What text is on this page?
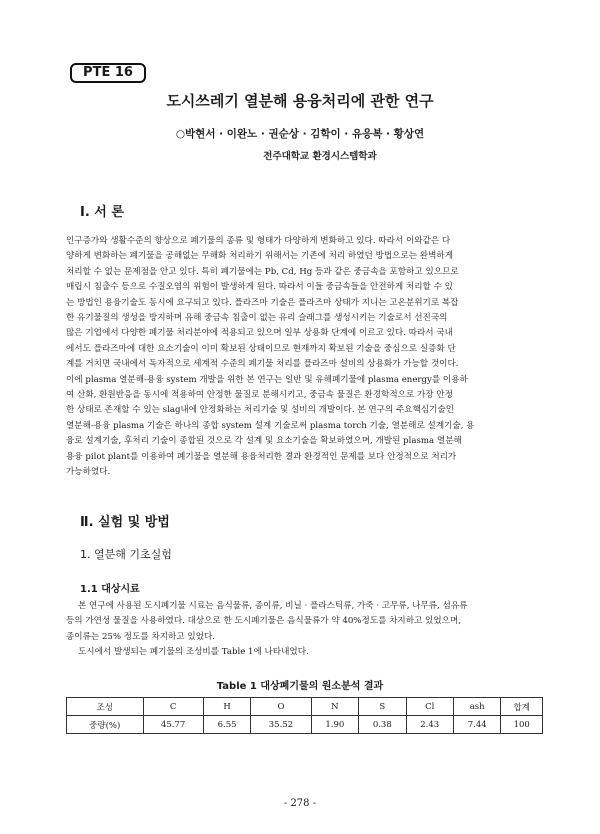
PTE 16
도시쓰레기 열분해 용융처리에 관한 연구
○박현서 · 이완노 · 권순상 · 김학이 · 유응복 · 황상연
전주대학교 환경시스템학과
Ⅰ. 서 론
인구증가와 생활수준의 향상으로 폐기물의 종류 및 형태가 다양하게 변화하고 있다. 따라서 이와같은 다
양하게 변화하는 폐기물을 공해없는 무해화 처리하기 위해서는 기존에 처리 하였던 방법으로는 완벽하게
처리할 수 없는 문제점을 안고 있다. 특히 폐기물에는 Pb, Cd, Hg 등과 같은 중금속을 포함하고 있으므로
매립시 침출수 등으로 수질오염의 위험이 발생하게 된다. 따라서 이들 중금속들을 안전하게 처리할 수 있
는 방법인 용융기술도 동시에 요구되고 있다. 플라즈마 기술은 플라즈마 상태가 지니는 고온분위기로 복잡
한 유기물질의 생성을 방지하며 유해 중금속 침출이 없는 유리 슬래그를 생성시키는 기술로서 선진국의
많은 기업에서 다양한 폐기물 처리분야에 적용되고 있으며 일부 상용화 단계에 이르고 있다. 따라서 국내
에서도 플라즈마에 대한 요소기술이 이미 확보된 상태이므로 현재까지 확보된 기술을 중심으로 실증화 단
계를 거치면 국내에서 독자적으로 세계적 수준의 폐기물 처리를 플라즈마 설비의 상용화가 가능할 것이다.
이에 plasma 열분해-용융 system 개발을 위한 본 연구는 일반 및 유해폐기물에 plasma energy를 이용하
여 산화, 환원반응을 동시에 적용하여 안정한 물질로 분해시키고, 중금속 물질은 환경학적으로 가장 안정
한 상태로 존재할 수 있는 slag내에 안정화하는 처리기술 및 설비의 개발이다. 본 연구의 주요핵심기술인
열분해-용융 plasma 기술은 하나의 종합 system 설계 기술로써 plasma torch 기술, 열분해로 설계기술, 용
융로 설계기술, 후처리 기술이 종합된 것으로 각 설계 및 요소기술을 확보하였으며, 개발된 plasma 열분해
용융 pilot plant를 이용하여 폐기물을 열분해 용융처리한 결과 환경적인 문제를 보다 안정적으로 처리가
가능하였다.
Ⅱ. 실험 및 방법
1. 열분해 기초실험
1.1 대상시료
본 연구에 사용된 도시폐기물 시료는 음식물류, 종이류, 비닐 · 플라스틱류, 가죽 · 고무류, 나무류, 섬유류
등의 가연성 물질을 사용하였다. 대상으로 한 도시폐기물은 음식물류가 약 40%정도를 차지하고 있었으며,
종이류는 25% 정도를 차지하고 있었다.
도시에서 발생되는 폐기물의 조성비를 Table 1에 나타내었다.
Table 1 대상폐기물의 원소분석 결과
조성	C	H	O	N	S	Cl	ash	합계
중량(%)	45.77	6.55	35.52	1.90	0.38	2.43	7.44	100
- 278 -
